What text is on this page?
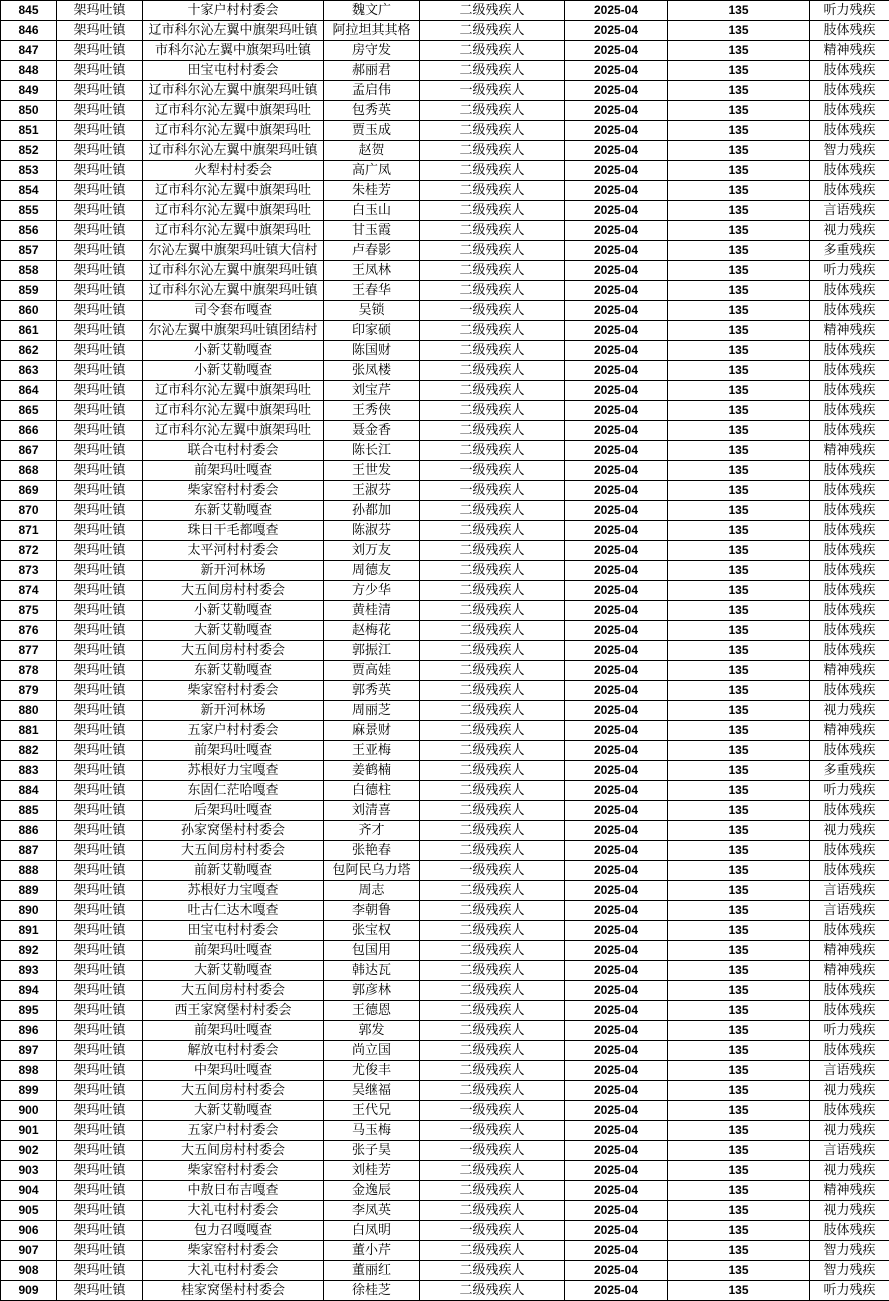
845	架玛吐镇	十家户村村委会	魏文广	二级残疾人	2025-04	135	听力残疾
846	架玛吐镇	辽市科尔沁左翼中旗架玛吐镇	阿拉坦其其格	二级残疾人	2025-04	135	肢体残疾
847	架玛吐镇	市科尔沁左翼中旗架玛吐镇	房守发	二级残疾人	2025-04	135	精神残疾
848	架玛吐镇	田宝屯村村委会	郝丽君	二级残疾人	2025-04	135	肢体残疾
849	架玛吐镇	辽市科尔沁左翼中旗架玛吐镇	孟启伟	一级残疾人	2025-04	135	肢体残疾
850	架玛吐镇	辽市科尔沁左翼中旗架玛吐	包秀英	二级残疾人	2025-04	135	肢体残疾
851	架玛吐镇	辽市科尔沁左翼中旗架玛吐	贾玉成	二级残疾人	2025-04	135	肢体残疾
852	架玛吐镇	辽市科尔沁左翼中旗架玛吐镇	赵贺	二级残疾人	2025-04	135	智力残疾
853	架玛吐镇	火犁村村委会	高广凤	二级残疾人	2025-04	135	肢体残疾
854	架玛吐镇	辽市科尔沁左翼中旗架玛吐	朱桂芳	二级残疾人	2025-04	135	肢体残疾
855	架玛吐镇	辽市科尔沁左翼中旗架玛吐	白玉山	二级残疾人	2025-04	135	言语残疾
856	架玛吐镇	辽市科尔沁左翼中旗架玛吐	甘玉霞	二级残疾人	2025-04	135	视力残疾
857	架玛吐镇	尔沁左翼中旗架玛吐镇大信村	卢春影	二级残疾人	2025-04	135	多重残疾
858	架玛吐镇	辽市科尔沁左翼中旗架玛吐镇	王凤林	二级残疾人	2025-04	135	听力残疾
859	架玛吐镇	辽市科尔沁左翼中旗架玛吐镇	王春华	二级残疾人	2025-04	135	肢体残疾
860	架玛吐镇	司令套布嘎查	吴锁	一级残疾人	2025-04	135	肢体残疾
861	架玛吐镇	尔沁左翼中旗架玛吐镇团结村	印家硕	二级残疾人	2025-04	135	精神残疾
862	架玛吐镇	小新艾勒嘎查	陈国财	二级残疾人	2025-04	135	肢体残疾
863	架玛吐镇	小新艾勒嘎查	张凤楼	二级残疾人	2025-04	135	肢体残疾
864	架玛吐镇	辽市科尔沁左翼中旗架玛吐	刘宝芹	二级残疾人	2025-04	135	肢体残疾
865	架玛吐镇	辽市科尔沁左翼中旗架玛吐	王秀侠	二级残疾人	2025-04	135	肢体残疾
866	架玛吐镇	辽市科尔沁左翼中旗架玛吐	聂金香	二级残疾人	2025-04	135	肢体残疾
867	架玛吐镇	联合屯村村委会	陈长江	二级残疾人	2025-04	135	精神残疾
868	架玛吐镇	前架玛吐嘎查	王世发	一级残疾人	2025-04	135	肢体残疾
869	架玛吐镇	柴家窑村村委会	王淑芬	一级残疾人	2025-04	135	肢体残疾
870	架玛吐镇	东新艾勒嘎查	孙都加	二级残疾人	2025-04	135	肢体残疾
871	架玛吐镇	珠日干毛都嘎查	陈淑芬	二级残疾人	2025-04	135	肢体残疾
872	架玛吐镇	太平河村村委会	刘万友	二级残疾人	2025-04	135	肢体残疾
873	架玛吐镇	新开河林场	周德友	二级残疾人	2025-04	135	肢体残疾
874	架玛吐镇	大五间房村村委会	方少华	二级残疾人	2025-04	135	肢体残疾
875	架玛吐镇	小新艾勒嘎查	黄桂清	二级残疾人	2025-04	135	肢体残疾
876	架玛吐镇	大新艾勒嘎查	赵梅花	二级残疾人	2025-04	135	肢体残疾
877	架玛吐镇	大五间房村村委会	郭振江	二级残疾人	2025-04	135	肢体残疾
878	架玛吐镇	东新艾勒嘎查	贾高娃	二级残疾人	2025-04	135	精神残疾
879	架玛吐镇	柴家窑村村委会	郭秀英	二级残疾人	2025-04	135	肢体残疾
880	架玛吐镇	新开河林场	周丽芝	二级残疾人	2025-04	135	视力残疾
881	架玛吐镇	五家户村村委会	麻景财	二级残疾人	2025-04	135	精神残疾
882	架玛吐镇	前架玛吐嘎查	王亚梅	二级残疾人	2025-04	135	肢体残疾
883	架玛吐镇	苏根好力宝嘎查	姜鹤楠	二级残疾人	2025-04	135	多重残疾
884	架玛吐镇	东固仁茫哈嘎查	白德柱	二级残疾人	2025-04	135	听力残疾
885	架玛吐镇	后架玛吐嘎查	刘清喜	二级残疾人	2025-04	135	肢体残疾
886	架玛吐镇	孙家窝堡村村委会	齐才	二级残疾人	2025-04	135	视力残疾
887	架玛吐镇	大五间房村村委会	张艳春	二级残疾人	2025-04	135	肢体残疾
888	架玛吐镇	前新艾勒嘎查	包阿民乌力塔	一级残疾人	2025-04	135	肢体残疾
889	架玛吐镇	苏根好力宝嘎查	周志	二级残疾人	2025-04	135	言语残疾
890	架玛吐镇	吐古仁达木嘎查	李朝鲁	二级残疾人	2025-04	135	言语残疾
891	架玛吐镇	田宝屯村村委会	张宝权	二级残疾人	2025-04	135	肢体残疾
892	架玛吐镇	前架玛吐嘎查	包国用	二级残疾人	2025-04	135	精神残疾
893	架玛吐镇	大新艾勒嘎查	韩达瓦	二级残疾人	2025-04	135	精神残疾
894	架玛吐镇	大五间房村村委会	郭彦林	二级残疾人	2025-04	135	肢体残疾
895	架玛吐镇	西王家窝堡村村委会	王德恩	二级残疾人	2025-04	135	肢体残疾
896	架玛吐镇	前架玛吐嘎查	郭发	二级残疾人	2025-04	135	听力残疾
897	架玛吐镇	解放屯村村委会	尚立国	二级残疾人	2025-04	135	肢体残疾
898	架玛吐镇	中架玛吐嘎查	尤俊丰	二级残疾人	2025-04	135	言语残疾
899	架玛吐镇	大五间房村村委会	吴继福	二级残疾人	2025-04	135	视力残疾
900	架玛吐镇	大新艾勒嘎查	王代兄	一级残疾人	2025-04	135	肢体残疾
901	架玛吐镇	五家户村村委会	马玉梅	一级残疾人	2025-04	135	视力残疾
902	架玛吐镇	大五间房村村委会	张子昊	一级残疾人	2025-04	135	言语残疾
903	架玛吐镇	柴家窑村村委会	刘桂芳	二级残疾人	2025-04	135	视力残疾
904	架玛吐镇	中敖日布吉嘎查	金逸辰	二级残疾人	2025-04	135	精神残疾
905	架玛吐镇	大礼屯村村委会	李凤英	二级残疾人	2025-04	135	视力残疾
906	架玛吐镇	包力召嘎嘎查	白凤明	一级残疾人	2025-04	135	肢体残疾
907	架玛吐镇	柴家窑村村委会	董小芹	二级残疾人	2025-04	135	智力残疾
908	架玛吐镇	大礼屯村村委会	董丽红	二级残疾人	2025-04	135	智力残疾
909	架玛吐镇	桂家窝堡村村委会	徐桂芝	二级残疾人	2025-04	135	听力残疾
